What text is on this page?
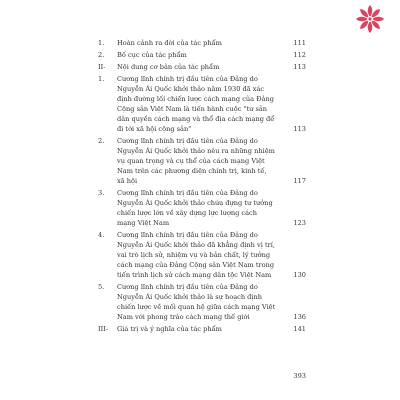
1.	Hoàn cảnh ra đời của tác phẩm	111
2.	Bố cục của tác phẩm	112
II-	Nội dung cơ bản của tác phẩm	113
1.	Cương lĩnh chính trị đầu tiên của Đảng do Nguyễn Ái Quốc khởi thảo năm 1930 đã xác định đường lối chiến lược cách mạng của Đảng Cộng sản Việt Nam là tiến hành cuộc "tư sản dân quyền cách mạng và thổ địa cách mạng để đi tới xã hội cộng sản"	113
2.	Cương lĩnh chính trị đầu tiên của Đảng do Nguyễn Ái Quốc khởi thảo nêu ra những nhiệm vụ quan trọng và cụ thể của cách mạng Việt Nam trên các phương diện chính trị, kinh tế, xã hội	117
3.	Cương lĩnh chính trị đầu tiên của Đảng do Nguyễn Ái Quốc khởi thảo chứa đựng tư tưởng chiến lược lớn về xây dựng lực lượng cách mạng Việt Nam	123
4.	Cương lĩnh chính trị đầu tiên của Đảng do Nguyễn Ái Quốc khởi thảo đã khẳng định vị trí, vai trò lịch sử, nhiệm vụ và bản chất, lý tưởng cách mạng của Đảng Cộng sản Việt Nam trong tiến trình lịch sử cách mạng dân tộc Việt Nam	130
5.	Cương lĩnh chính trị đầu tiên của Đảng do Nguyễn Ái Quốc khởi thảo là sự hoạch định chiến lược về mối quan hệ giữa cách mạng Việt Nam với phong trào cách mạng thế giới	136
III-	Giá trị và ý nghĩa của tác phẩm	141
393
